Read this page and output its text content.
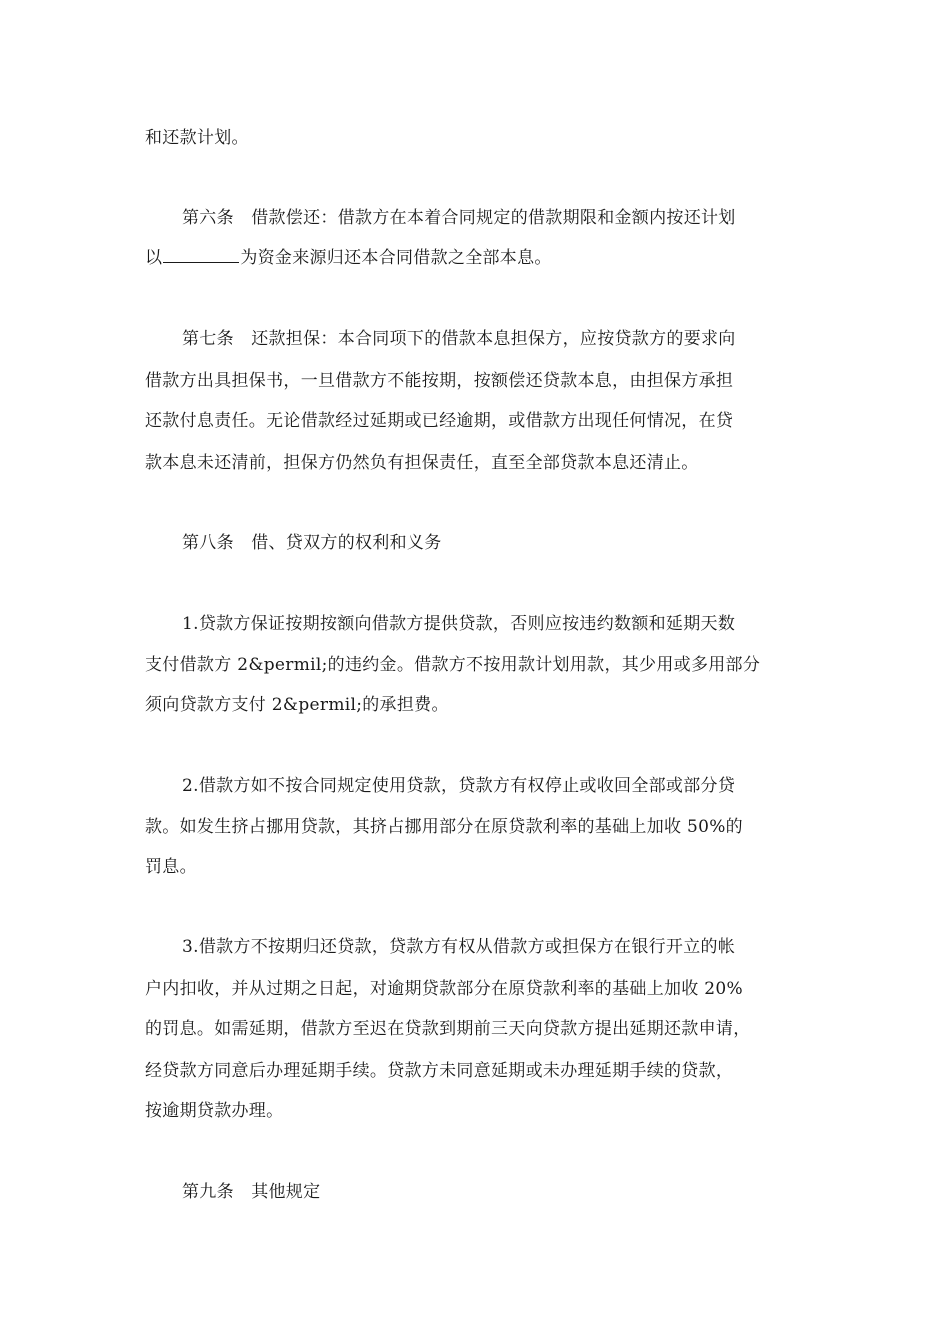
和还款计划。
第六条　借款偿还：借款方在本着合同规定的借款期限和金额内按还计划
以	为资金来源归还本合同借款之全部本息。
第七条　还款担保：本合同项下的借款本息担保方，应按贷款方的要求向
借款方出具担保书，一旦借款方不能按期，按额偿还贷款本息，由担保方承担
还款付息责任。无论借款经过延期或已经逾期，或借款方出现任何情况，在贷
款本息未还清前，担保方仍然负有担保责任，直至全部贷款本息还清止。
第八条　借、贷双方的权利和义务
1.贷款方保证按期按额向借款方提供贷款，否则应按违约数额和延期天数
支付借款方 2&permil;的违约金。借款方不按用款计划用款，其少用或多用部分
须向贷款方支付 2&permil;的承担费。
2.借款方如不按合同规定使用贷款，贷款方有权停止或收回全部或部分贷
款。如发生挤占挪用贷款，其挤占挪用部分在原贷款利率的基础上加收 50%的
罚息。
3.借款方不按期归还贷款，贷款方有权从借款方或担保方在银行开立的帐
户内扣收，并从过期之日起，对逾期贷款部分在原贷款利率的基础上加收 20%
的罚息。如需延期，借款方至迟在贷款到期前三天向贷款方提出延期还款申请，
经贷款方同意后办理延期手续。贷款方未同意延期或未办理延期手续的贷款，
按逾期贷款办理。
第九条　其他规定
